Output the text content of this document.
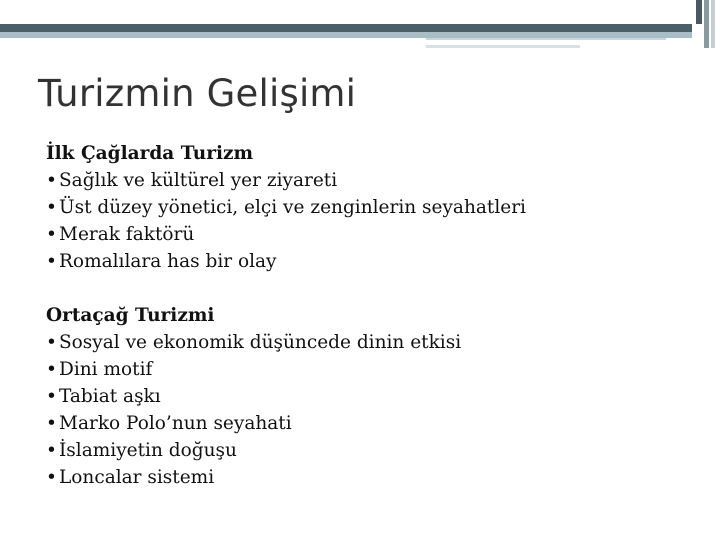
Turizmin Gelişimi
İlk Çağlarda Turizm
• Sağlık ve kültürel yer ziyareti
• Üst düzey yönetici, elçi ve zenginlerin seyahatleri
• Merak faktörü
• Romalılara has bir olay
Ortaçağ Turizmi
• Sosyal ve ekonomik düşüncede dinin etkisi
• Dini motif
• Tabiat aşkı
• Marko Polo’nun seyahati
• İslamiyetin doğuşu
• Loncalar sistemi
